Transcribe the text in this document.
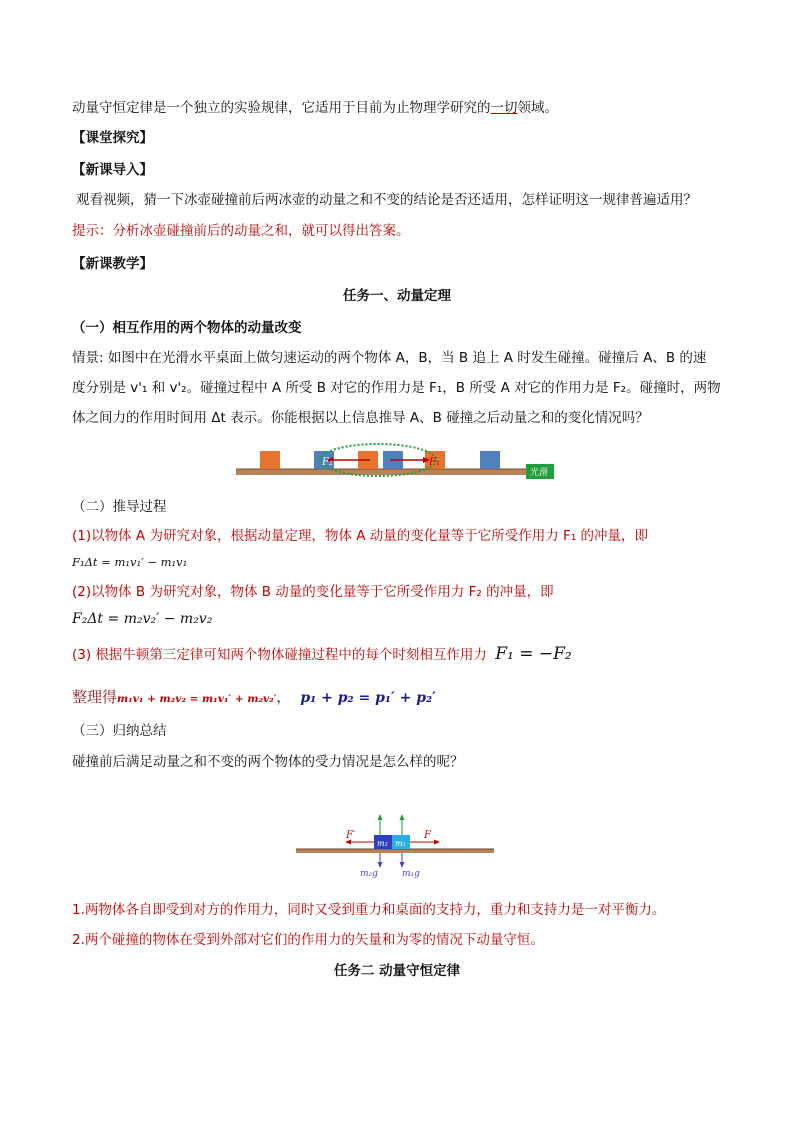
动量守恒定律是一个独立的实验规律，它适用于目前为止物理学研究的一切领域。
【课堂探究】
【新课导入】
观看视频，猜一下冰壶碰撞前后两冰壶的动量之和不变的结论是否还适用，怎样证明这一规律普遍适用？
提示：分析冰壶碰撞前后的动量之和，就可以得出答案。
【新课教学】
任务一、动量定理
（一）相互作用的两个物体的动量改变
情景: 如图中在光滑水平桌面上做匀速运动的两个物体 A，B，当 B 追上 A 时发生碰撞。碰撞后 A、B 的速
度分别是 v'₁ 和 v'₂。碰撞过程中 A 所受 B 对它的作用力是 F₁，B 所受 A 对它的作用力是 F₂。碰撞时，两物
体之间力的作用时间用 Δt 表示。你能根据以上信息推导 A、B 碰撞之后动量之和的变化情况吗？
F₂	F₁
光滑
（二）推导过程
(1)以物体 A 为研究对象，根据动量定理，物体 A 动量的变化量等于它所受作用力 F₁ 的冲量，即
F₁Δt = m₁v₁′ − m₁v₁
(2)以物体 B 为研究对象，物体 B 动量的变化量等于它所受作用力 F₂ 的冲量，即
F₂Δt = m₂v₂′ − m₂v₂
(3) 根据牛顿第三定律可知两个物体碰撞过程中的每个时刻相互作用力 F₁ = −F₂
整理得m₁v₁ + m₂v₂ = m₁v₁′ + m₂v₂′， p₁ + p₂ = p₁′ + p₂′
（三）归纳总结
碰撞前后满足动量之和不变的两个物体的受力情况是怎么样的呢？
m₂ m₁
F′	F
m₂g	m₁g
1.两物体各自即受到对方的作用力，同时又受到重力和桌面的支持力，重力和支持力是一对平衡力。
2.两个碰撞的物体在受到外部对它们的作用力的矢量和为零的情况下动量守恒。
任务二 动量守恒定律
